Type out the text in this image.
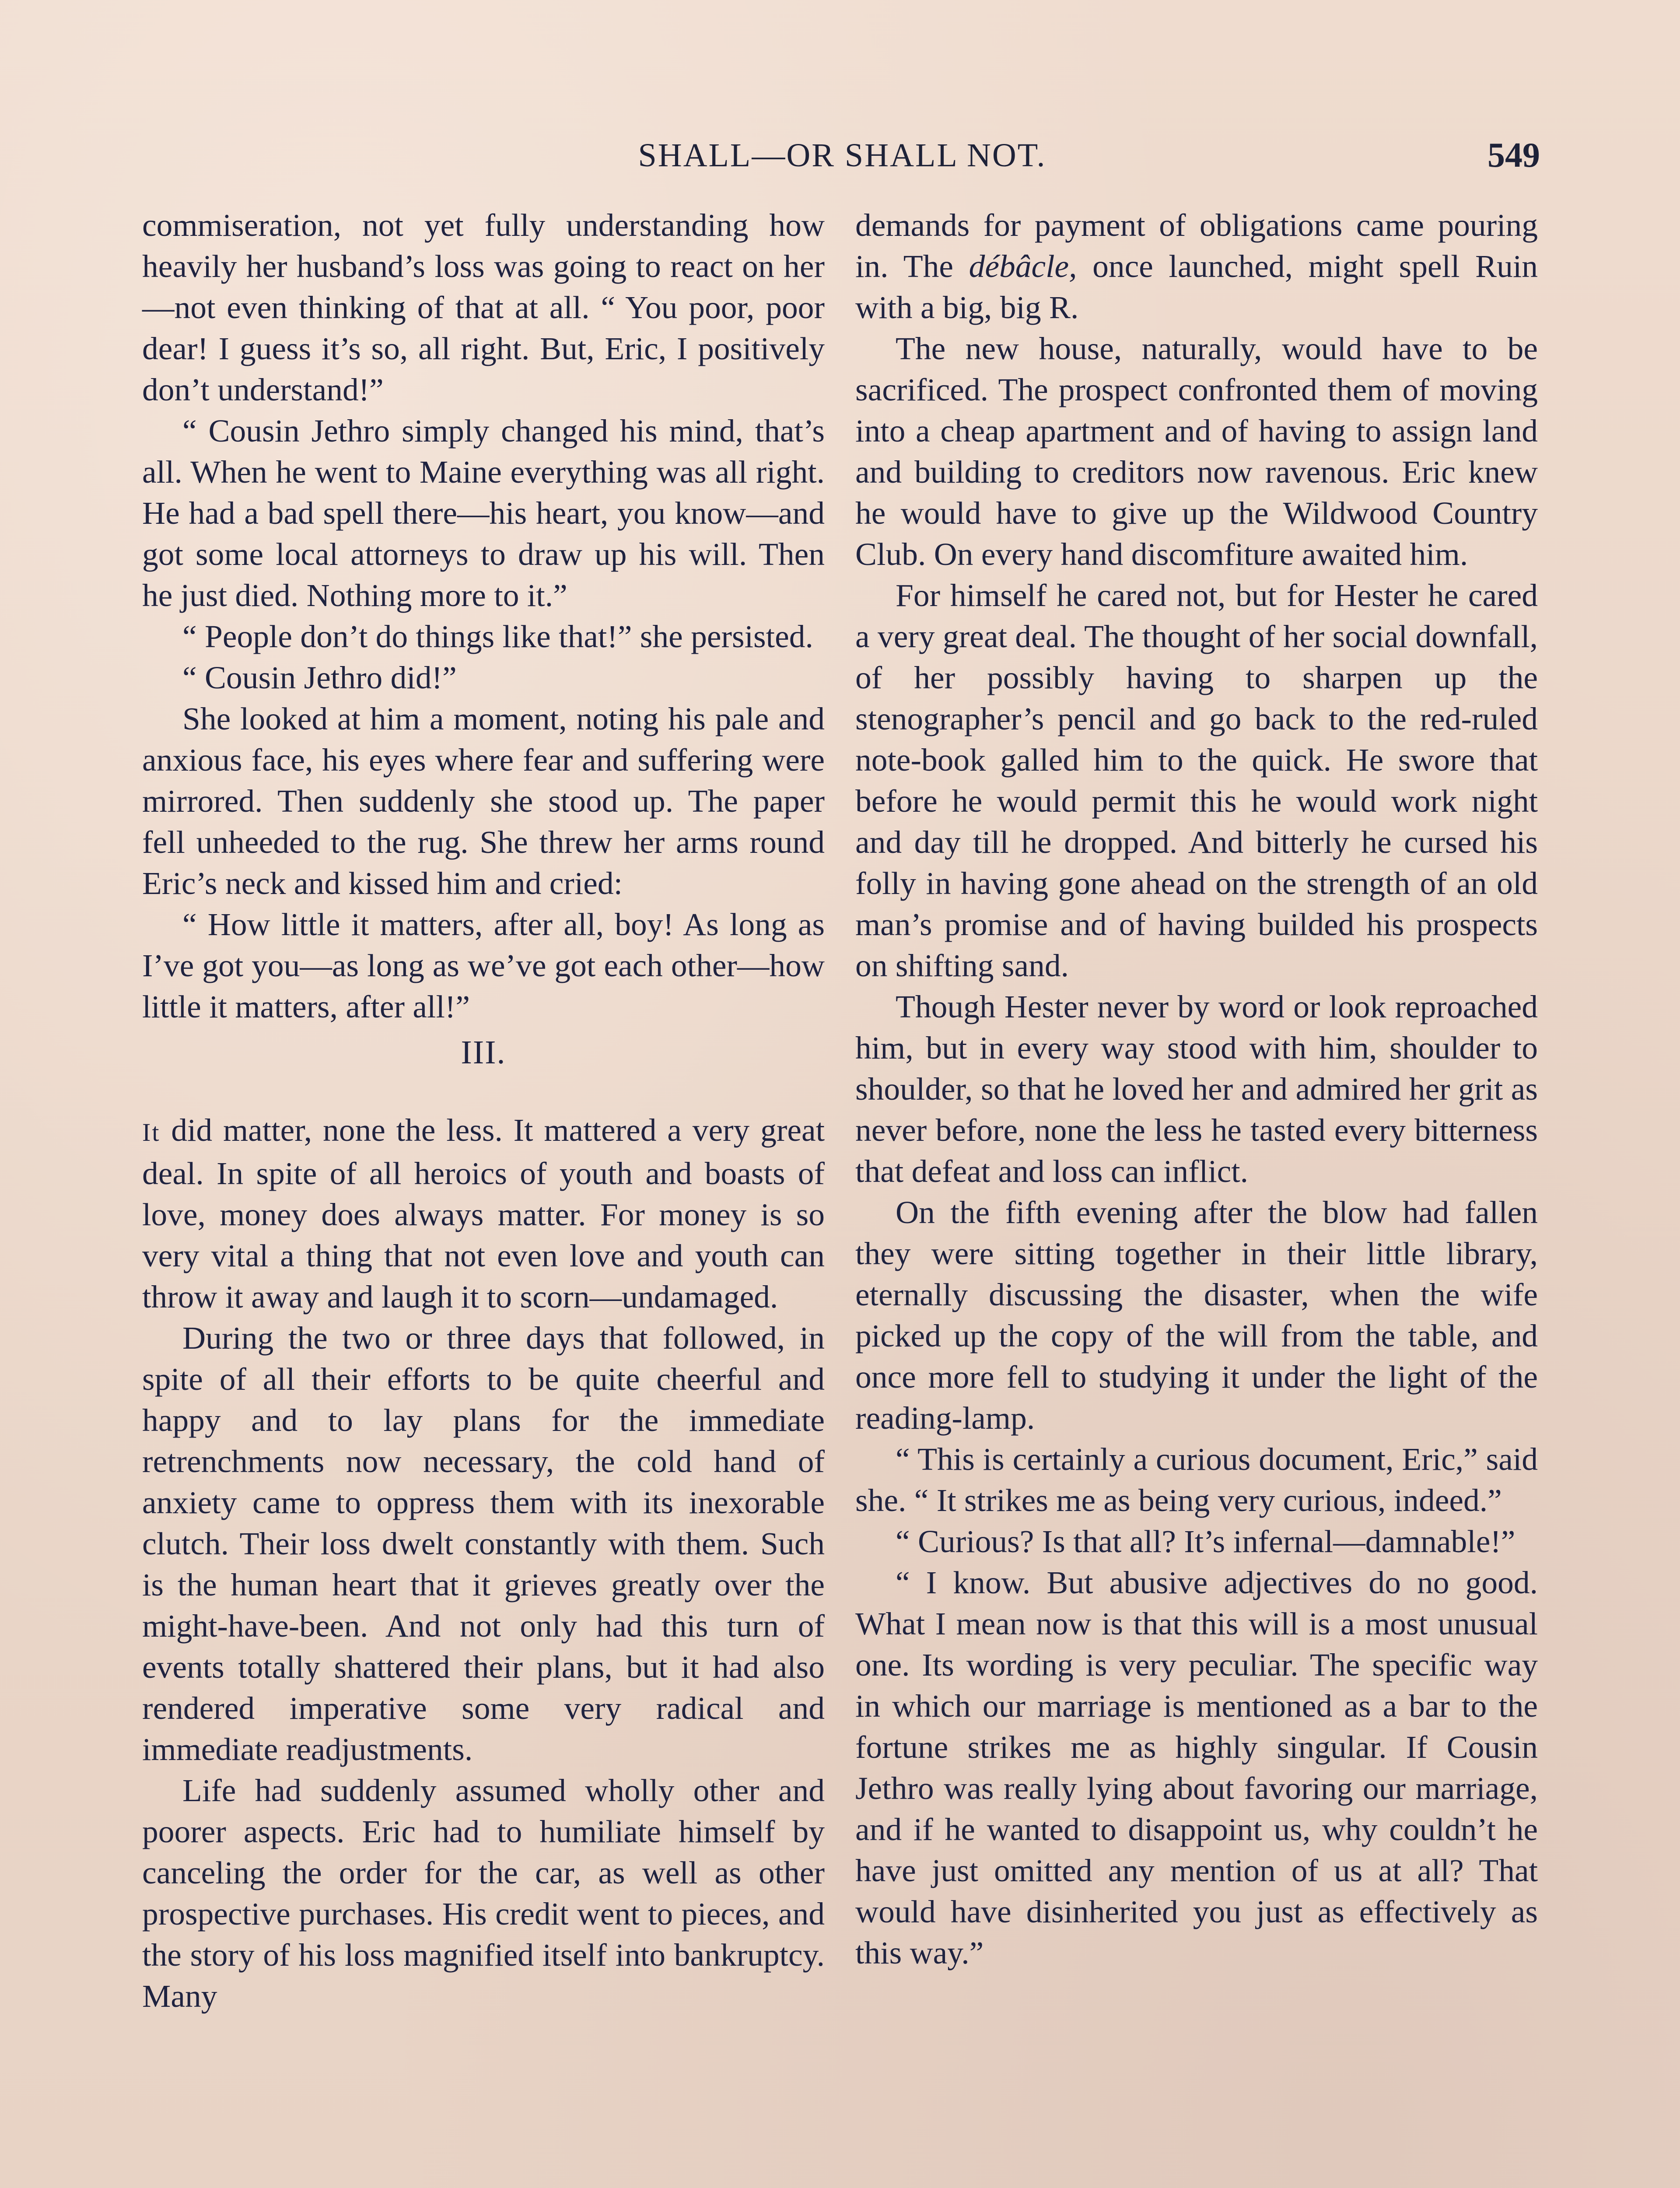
SHALL—OR SHALL NOT.	549

commiseration, not yet fully understanding how heavily her husband’s loss was going to react on her—not even thinking of that at all. “ You poor, poor dear! I guess it’s so, all right. But, Eric, I positively don’t understand!”

“ Cousin Jethro simply changed his mind, that’s all. When he went to Maine everything was all right. He had a bad spell there—his heart, you know—and got some local attorneys to draw up his will. Then he just died. Nothing more to it.”

“ People don’t do things like that!” she persisted.

“ Cousin Jethro did!”

She looked at him a moment, noting his pale and anxious face, his eyes where fear and suffering were mirrored. Then suddenly she stood up. The paper fell unheeded to the rug. She threw her arms round Eric’s neck and kissed him and cried:

“ How little it matters, after all, boy! As long as I’ve got you—as long as we’ve got each other—how little it matters, after all!”

III.

It did matter, none the less. It mattered a very great deal. In spite of all heroics of youth and boasts of love, money does always matter. For money is so very vital a thing that not even love and youth can throw it away and laugh it to scorn—undamaged.

During the two or three days that followed, in spite of all their efforts to be quite cheerful and happy and to lay plans for the immediate retrenchments now necessary, the cold hand of anxiety came to oppress them with its inexorable clutch. Their loss dwelt constantly with them. Such is the human heart that it grieves greatly over the might-have-been. And not only had this turn of events totally shattered their plans, but it had also rendered imperative some very radical and immediate readjustments.

Life had suddenly assumed wholly other and poorer aspects. Eric had to humiliate himself by canceling the order for the car, as well as other prospective purchases. His credit went to pieces, and the story of his loss magnified itself into bankruptcy. Many

demands for payment of obligations came pouring in. The débâcle, once launched, might spell Ruin with a big, big R.

The new house, naturally, would have to be sacrificed. The prospect confronted them of moving into a cheap apartment and of having to assign land and building to creditors now ravenous. Eric knew he would have to give up the Wildwood Country Club. On every hand discomfiture awaited him.

For himself he cared not, but for Hester he cared a very great deal. The thought of her social downfall, of her possibly having to sharpen up the stenographer’s pencil and go back to the red-ruled note-book galled him to the quick. He swore that before he would permit this he would work night and day till he dropped. And bitterly he cursed his folly in having gone ahead on the strength of an old man’s promise and of having builded his prospects on shifting sand.

Though Hester never by word or look reproached him, but in every way stood with him, shoulder to shoulder, so that he loved her and admired her grit as never before, none the less he tasted every bitterness that defeat and loss can inflict.

On the fifth evening after the blow had fallen they were sitting together in their little library, eternally discussing the disaster, when the wife picked up the copy of the will from the table, and once more fell to studying it under the light of the reading-lamp.

“ This is certainly a curious document, Eric,” said she. “ It strikes me as being very curious, indeed.”

“ Curious? Is that all? It’s infernal—damnable!”

“ I know. But abusive adjectives do no good. What I mean now is that this will is a most unusual one. Its wording is very peculiar. The specific way in which our marriage is mentioned as a bar to the fortune strikes me as highly singular. If Cousin Jethro was really lying about favoring our marriage, and if he wanted to disappoint us, why couldn’t he have just omitted any mention of us at all? That would have disinherited you just as effectively as this way.”
